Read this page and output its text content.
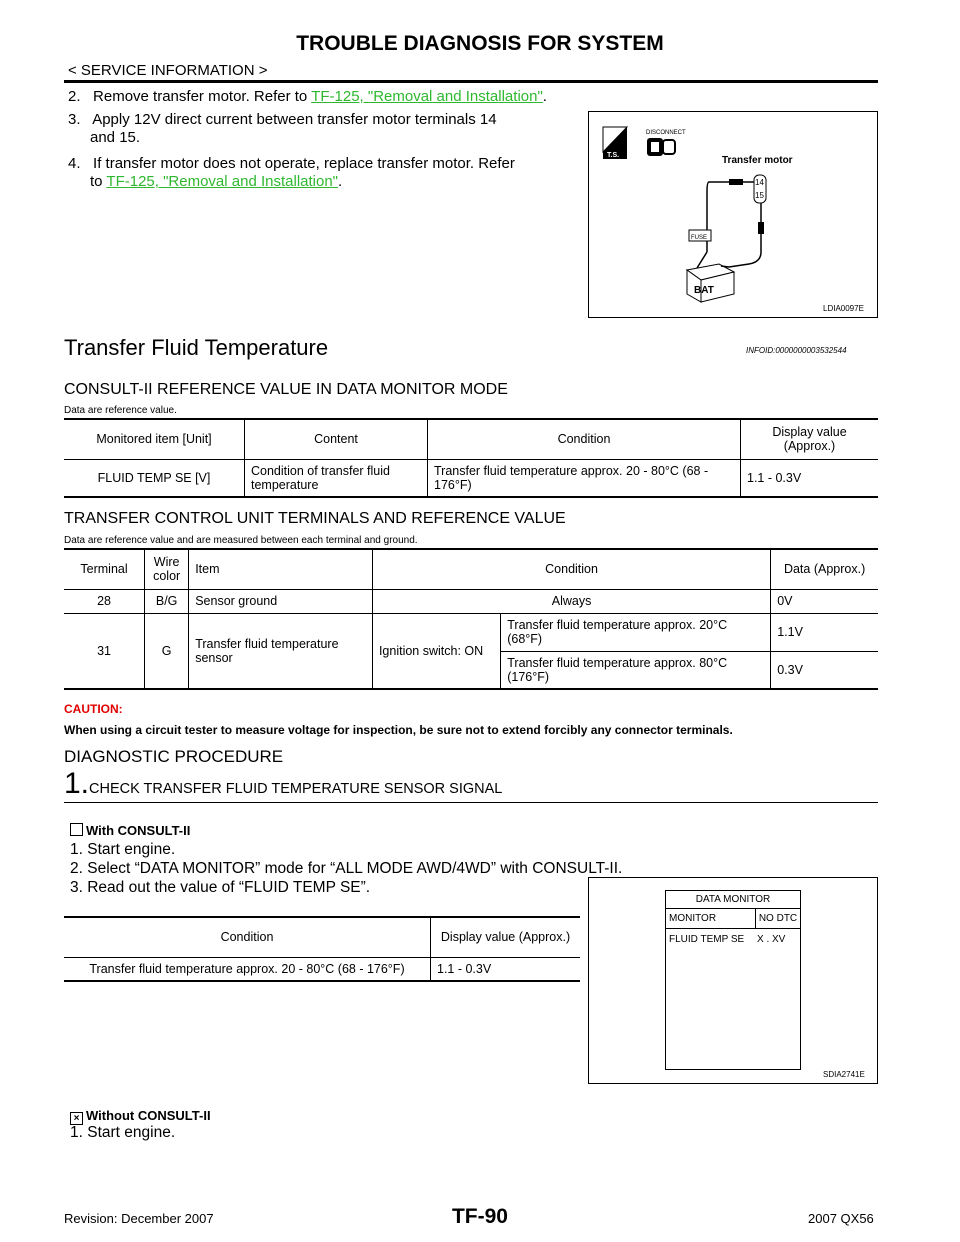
TROUBLE DIAGNOSIS FOR SYSTEM
< SERVICE INFORMATION >
2. Remove transfer motor. Refer to TF-125, "Removal and Installation".
3. Apply 12V direct current between transfer motor terminals 14
and 15.
4. If transfer motor does not operate, replace transfer motor. Refer
to TF-125, "Removal and Installation".
T.S.
DISCONNECT
Transfer motor
14
15
FUSE
BAT
LDIA0097E
Transfer Fluid Temperature	INFOID:0000000003532544
CONSULT-II REFERENCE VALUE IN DATA MONITOR MODE
Data are reference value.
Monitored item [Unit]	Content	Condition	Display value (Approx.)
FLUID TEMP SE [V]	Condition of transfer fluid temperature	Transfer fluid temperature approx. 20 - 80°C (68 - 176°F)	1.1 - 0.3V
TRANSFER CONTROL UNIT TERMINALS AND REFERENCE VALUE
Data are reference value and are measured between each terminal and ground.
Terminal	Wire color	Item	Condition		Data (Approx.)
28	B/G	Sensor ground	Always		0V
31	G	Transfer fluid temperature sensor	Ignition switch: ON	Transfer fluid temperature approx. 20°C (68°F)	1.1V
				Transfer fluid temperature approx. 80°C (176°F)	0.3V
CAUTION:
When using a circuit tester to measure voltage for inspection, be sure not to extend forcibly any connector terminals.
DIAGNOSTIC PROCEDURE
1.CHECK TRANSFER FLUID TEMPERATURE SENSOR SIGNAL
With CONSULT-II
1. Start engine.
2. Select “DATA MONITOR” mode for “ALL MODE AWD/4WD” with CONSULT-II.
3. Read out the value of “FLUID TEMP SE”.
Condition	Display value (Approx.)
Transfer fluid temperature approx. 20 - 80°C (68 - 176°F)	1.1 - 0.3V
DATA MONITOR
MONITOR	NO DTC
FLUID TEMP SE	X . XV
SDIA2741E
× Without CONSULT-II
1. Start engine.
Revision: December 2007	TF-90	2007 QX56
